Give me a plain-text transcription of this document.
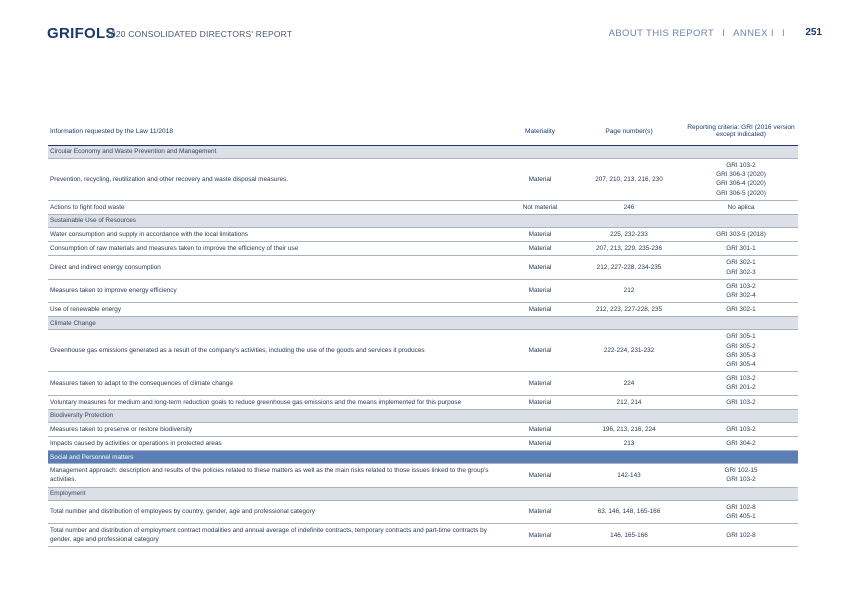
GRIFOLS
2020 CONSOLIDATED DIRECTORS' REPORT	ABOUT THIS REPORT I ANNEX I I	251
Information requested by the Law 11/2018	Materiality	Page number(s)	Reporting criteria: GRI (2016 version except indicated)
Circular Economy and Waste Prevention and Management			
Prevention, recycling, reutilization and other recovery and waste disposal measures.	Material	207, 210, 213, 216, 230	GRI 103-2
GRI 306-3 (2020)
GRI 306-4 (2020)
GRI 306-5 (2020)

Actions to fight food waste	Not material	246	No aplica

Sustainable Use of Resources			
Water consumption and supply in accordance with the local limitations	Material	225, 232-233	GRI 303-5 (2018)

Consumption of raw materials and measures taken to improve the efficiency of their use	Material	207, 213, 229, 235-236	GRI 301-1

Direct and indirect energy consumption	Material	212, 227-228, 234-235	GRI 302-1
GRI 302-3

Measures taken to improve energy efficiency	Material	212	GRI 103-2
GRI 302-4

Use of renewable energy	Material	212, 223, 227-228, 235	GRI 302-1

Climate Change			
Greenhouse gas emissions generated as a result of the company's activities, including the use of the goods and services it produces	Material	222-224, 231-232	GRI 305-1
GRI 305-2
GRI 305-3
GRI 305-4

Measures taken to adapt to the consequences of climate change	Material	224	GRI 103-2
GRI 201-2

Voluntary measures for medium and long-term reduction goals to reduce greenhouse gas emissions and the means implemented for this purpose	Material	212, 214	GRI 103-2

Biodiversity Protection			
Measures taken to preserve or restore biodiversity	Material	196, 213, 216, 224	GRI 103-2

Impacts caused by activities or operations in protected areas	Material	213	GRI 304-2

Social and Personnel matters			
Management approach: description and results of the policies related to these matters as well as the main risks related to those issues linked to the group's activities.	Material	142-143	GRI 102-15
GRI 103-2

Employment			
Total number and distribution of employees by country, gender, age and professional category	Material	63, 146, 148, 165-166	GRI 102-8
GRI 405-1

Total number and distribution of employment contract modalities and annual average of indefinite contracts, temporary contracts and part-time contracts by gender, age and professional category	Material	146, 165-166	GRI 102-8
